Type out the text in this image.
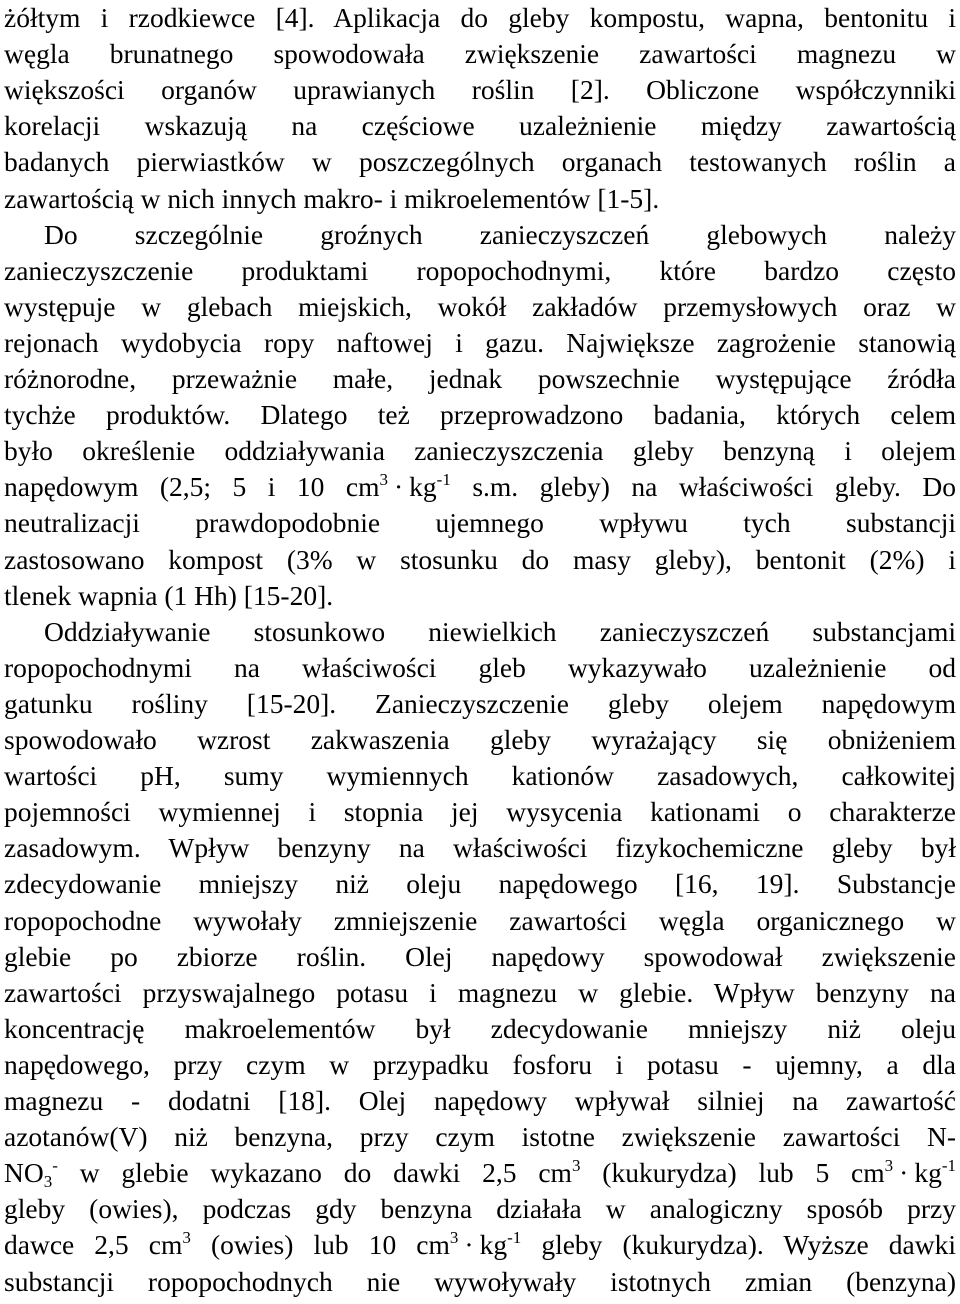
żółtym i rzodkiewce [4]. Aplikacja do gleby kompostu, wapna, bentonitu i
węgla brunatnego spowodowała zwiększenie zawartości magnezu w
większości organów uprawianych roślin [2]. Obliczone współczynniki
korelacji wskazują na częściowe uzależnienie między zawartością
badanych pierwiastków w poszczególnych organach testowanych roślin a
zawartością w nich innych makro- i mikroelementów [1-5].
Do szczególnie groźnych zanieczyszczeń glebowych należy
zanieczyszczenie produktami ropopochodnymi, które bardzo często
występuje w glebach miejskich, wokół zakładów przemysłowych oraz w
rejonach wydobycia ropy naftowej i gazu. Największe zagrożenie stanowią
różnorodne, przeważnie małe, jednak powszechnie występujące źródła
tychże produktów. Dlatego też przeprowadzono badania, których celem
było określenie oddziaływania zanieczyszczenia gleby benzyną i olejem
napędowym (2,5; 5 i 10 $cm^3\cdot kg^{-1}$ s.m. gleby) na właściwości gleby. Do
neutralizacji prawdopodobnie ujemnego wpływu tych substancji
zastosowano kompost (3% w stosunku do masy gleby), bentonit (2%) i
tlenek wapnia (1 Hh) [15-20].
Oddziaływanie stosunkowo niewielkich zanieczyszczeń substancjami
ropopochodnymi na właściwości gleb wykazywało uzależnienie od
gatunku rośliny [15-20]. Zanieczyszczenie gleby olejem napędowym
spowodowało wzrost zakwaszenia gleby wyrażający się obniżeniem
wartości pH, sumy wymiennych kationów zasadowych, całkowitej
pojemności wymiennej i stopnia jej wysycenia kationami o charakterze
zasadowym. Wpływ benzyny na właściwości fizykochemiczne gleby był
zdecydowanie mniejszy niż oleju napędowego [16, 19]. Substancje
ropopochodne wywołały zmniejszenie zawartości węgla organicznego w
glebie po zbiorze roślin. Olej napędowy spowodował zwiększenie
zawartości przyswajalnego potasu i magnezu w glebie. Wpływ benzyny na
koncentrację makroelementów był zdecydowanie mniejszy niż oleju
napędowego, przy czym w przypadku fosforu i potasu - ujemny, a dla
magnezu - dodatni [18]. Olej napędowy wpływał silniej na zawartość
azotanów(V) niż benzyna, przy czym istotne zwiększenie zawartości N-
$NO_3^-$ w glebie wykazano do dawki 2,5 $cm^3$ (kukurydza) lub 5 $cm^3\cdot kg^{-1}$
gleby (owies), podczas gdy benzyna działała w analogiczny sposób przy
dawce 2,5 $cm^3$ (owies) lub 10 $cm^3\cdot kg^{-1}$ gleby (kukurydza). Wyższe dawki
substancji ropopochodnych nie wywoływały istotnych zmian (benzyna)
